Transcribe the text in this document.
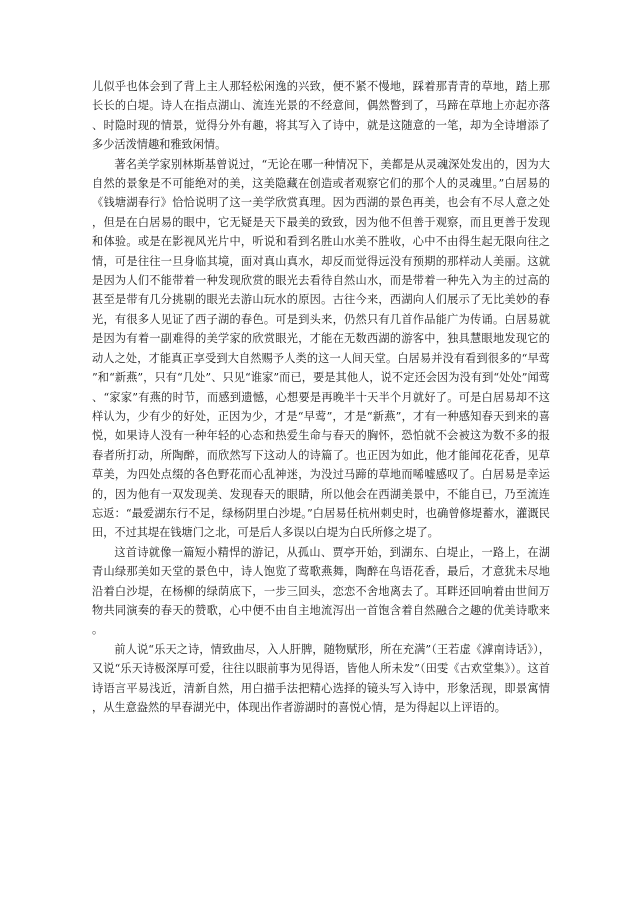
儿似乎也体会到了背上主人那轻松闲逸的兴致，便不紧不慢地，踩着那青青的草地，踏上那长长的白堤。诗人在指点湖山、流连光景的不经意间，偶然瞥到了，马蹄在草地上亦起亦落、时隐时现的情景，觉得分外有趣，将其写入了诗中，就是这随意的一笔，却为全诗增添了多少活泼情趣和雅致闲情。

著名美学家别林斯基曾说过，“无论在哪一种情况下，美都是从灵魂深处发出的，因为大自然的景象是不可能绝对的美，这美隐藏在创造或者观察它们的那个人的灵魂里。”白居易的《钱塘湖春行》恰恰说明了这一美学欣赏真理。因为西湖的景色再美，也会有不尽人意之处，但是在白居易的眼中，它无疑是天下最美的致致，因为他不但善于观察，而且更善于发现和体验。或是在影视风光片中，听说和看到名胜山水美不胜收，心中不由得生起无限向往之情，可是往往一旦身临其境，面对真山真水，却反而觉得远没有预期的那样动人美丽。这就是因为人们不能带着一种发现欣赏的眼光去看待自然山水，而是带着一种先入为主的过高的甚至是带有几分挑剔的眼光去游山玩水的原因。古往今来，西湖向人们展示了无比美妙的春光，有很多人见证了西子湖的春色。可是到头来，仍然只有几首作品能广为传诵。白居易就是因为有着一副难得的美学家的欣赏眼光，才能在无数西湖的游客中，独具慧眼地发现它的动人之处，才能真正享受到大自然赐予人类的这一人间天堂。白居易并没有看到很多的“早莺”和“新燕”，只有“几处”、只见“谁家”而已，要是其他人，说不定还会因为没有到“处处”闻莺、“家家”有燕的时节，而感到遗憾，心想要是再晚半十天半个月就好了。可是白居易却不这样认为，少有少的好处，正因为少，才是“早莺”，才是“新燕”，才有一种感知春天到来的喜悦，如果诗人没有一种年轻的心态和热爱生命与春天的胸怀，恐怕就不会被这为数不多的报春者所打动，所陶醉，而欣然写下这动人的诗篇了。也正因为如此，他才能闻花花香，见草草美，为四处点缀的各色野花而心乱神迷，为没过马蹄的草地而唏嘘感叹了。白居易是幸运的，因为他有一双发现美、发现春天的眼睛，所以他会在西湖美景中，不能自已，乃至流连忘返：“最爱湖东行不足，绿杨阴里白沙堤。”白居易任杭州刺史时，也确曾修堤蓄水，灌溉民田，不过其堤在钱塘门之北，可是后人多误以白堤为白氏所修之堤了。

这首诗就像一篇短小精悍的游记，从孤山、贾亭开始，到湖东、白堤止，一路上，在湖青山绿那美如天堂的景色中，诗人饱览了莺歌燕舞，陶醉在鸟语花香，最后，才意犹未尽地沿着白沙堤，在杨柳的绿荫底下，一步三回头，恋恋不舍地离去了。耳畔还回响着由世间万物共同演奏的春天的赞歌，心中便不由自主地流泻出一首饱含着自然融合之趣的优美诗歌来。

前人说“乐天之诗，情致曲尽，入人肝脾，随物赋形，所在充满”（王若虚《滹南诗话》），又说“乐天诗极深厚可爱，往往以眼前事为见得语，皆他人所未发”（田雯《古欢堂集》）。这首诗语言平易浅近，清新自然，用白描手法把精心选择的镜头写入诗中，形象活现，即景寓情，从生意盎然的早春湖光中，体现出作者游湖时的喜悦心情，是为得起以上评语的。
